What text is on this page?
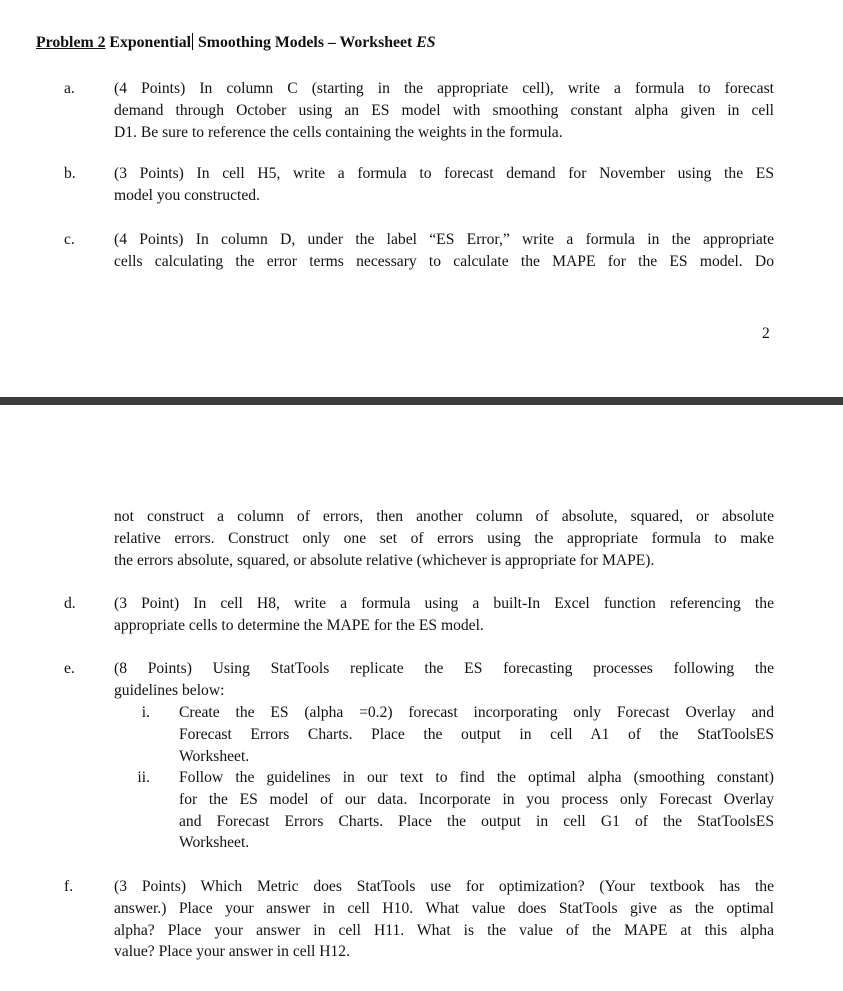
Problem 2 Exponential Smoothing Models – Worksheet ES
a.	(4 Points) In column C (starting in the appropriate cell), write a formula to forecast
demand through October using an ES model with smoothing constant alpha given in cell
D1. Be sure to reference the cells containing the weights in the formula.
b.	(3 Points) In cell H5, write a formula to forecast demand for November using the ES
model you constructed.
c.	(4 Points) In column D, under the label “ES Error,” write a formula in the appropriate
cells calculating the error terms necessary to calculate the MAPE for the ES model. Do
2
not construct a column of errors, then another column of absolute, squared, or absolute
relative errors. Construct only one set of errors using the appropriate formula to make
the errors absolute, squared, or absolute relative (whichever is appropriate for MAPE).
d.	(3 Point) In cell H8, write a formula using a built-In Excel function referencing the
appropriate cells to determine the MAPE for the ES model.
e.	(8 Points) Using StatTools replicate the ES forecasting processes following the
guidelines below:
i. Create the ES (alpha =0.2) forecast incorporating only Forecast Overlay and
Forecast Errors Charts. Place the output in cell A1 of the StatToolsES
Worksheet.
ii. Follow the guidelines in our text to find the optimal alpha (smoothing constant)
for the ES model of our data. Incorporate in you process only Forecast Overlay
and Forecast Errors Charts. Place the output in cell G1 of the StatToolsES
Worksheet.
f.	(3 Points) Which Metric does StatTools use for optimization? (Your textbook has the
answer.) Place your answer in cell H10. What value does StatTools give as the optimal
alpha? Place your answer in cell H11. What is the value of the MAPE at this alpha
value? Place your answer in cell H12.
